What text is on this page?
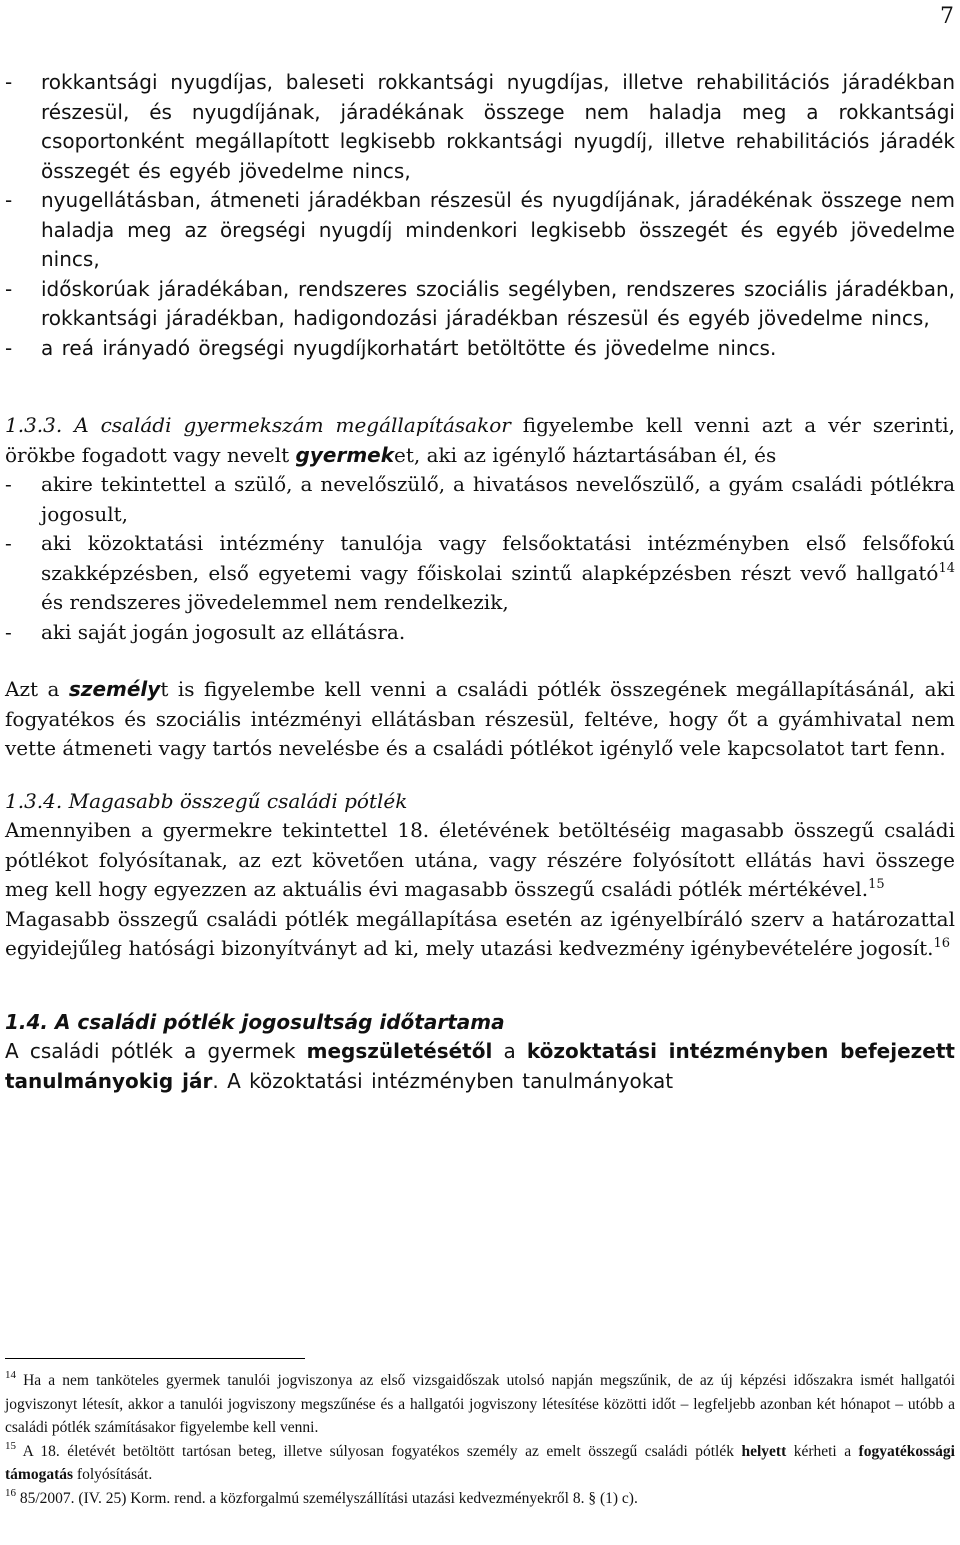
7
-	rokkantsági nyugdíjas, baleseti rokkantsági nyugdíjas, illetve rehabilitációs járadékban részesül, és nyugdíjának, járadékának összege nem haladja meg a rokkantsági csoportonként megállapított legkisebb rokkantsági nyugdíj, illetve rehabilitációs járadék összegét és egyéb jövedelme nincs,
-	nyugellátásban, átmeneti járadékban részesül és nyugdíjának, járadékénak összege nem haladja meg az öregségi nyugdíj mindenkori legkisebb összegét és egyéb jövedelme nincs,
-	időskorúak járadékában, rendszeres szociális segélyben, rendszeres szociális járadékban, rokkantsági járadékban, hadigondozási járadékban részesül és egyéb jövedelme nincs,
-	a reá irányadó öregségi nyugdíjkorhatárt betöltötte és jövedelme nincs.

1.3.3. A családi gyermekszám megállapításakor figyelembe kell venni azt a vér szerinti, örökbe fogadott vagy nevelt gyermeket, aki az igénylő háztartásában él, és

-	akire tekintettel a szülő, a nevelőszülő, a hivatásos nevelőszülő, a gyám családi pótlékra jogosult,
-	aki közoktatási intézmény tanulója vagy felsőoktatási intézményben első felsőfokú szakképzésben, első egyetemi vagy főiskolai szintű alapképzésben részt vevő hallgató$^{14}$ és rendszeres jövedelemmel nem rendelkezik,
-	aki saját jogán jogosult az ellátásra.

Azt a személyt is figyelembe kell venni a családi pótlék összegének megállapításánál, aki fogyatékos és szociális intézményi ellátásban részesül, feltéve, hogy őt a gyámhivatal nem vette átmeneti vagy tartós nevelésbe és a családi pótlékot igénylő vele kapcsolatot tart fenn.

1.3.4. Magasabb összegű családi pótlék

Amennyiben a gyermekre tekintettel 18. életévének betöltéséig magasabb összegű családi pótlékot folyósítanak, az ezt követően utána, vagy részére folyósított ellátás havi összege meg kell hogy egyezzen az aktuális évi magasabb összegű családi pótlék mértékével.$^{15}$

Magasabb összegű családi pótlék megállapítása esetén az igényelbíráló szerv a határozattal egyidejűleg hatósági bizonyítványt ad ki, mely utazási kedvezmény igénybevételére jogosít.$^{16}$

1.4. A családi pótlék jogosultság időtartama

A családi pótlék a gyermek megszületésétől a közoktatási intézményben befejezett tanulmányokig jár. A közoktatási intézményben tanulmányokat

$^{14}$ Ha a nem tanköteles gyermek tanulói jogviszonya az első vizsgaidőszak utolsó napján megszűnik, de az új képzési időszakra ismét hallgatói jogviszonyt létesít, akkor a tanulói jogviszony megszűnése és a hallgatói jogviszony létesítése közötti időt – legfeljebb azonban két hónapot – utóbb a családi pótlék számításakor figyelembe kell venni.

$^{15}$ A 18. életévét betöltött tartósan beteg, illetve súlyosan fogyatékos személy az emelt összegű családi pótlék helyett kérheti a fogyatékossági támogatás folyósítását.

$^{16}$ 85/2007. (IV. 25) Korm. rend. a közforgalmú személyszállítási utazási kedvezményekről 8. § (1) c).
